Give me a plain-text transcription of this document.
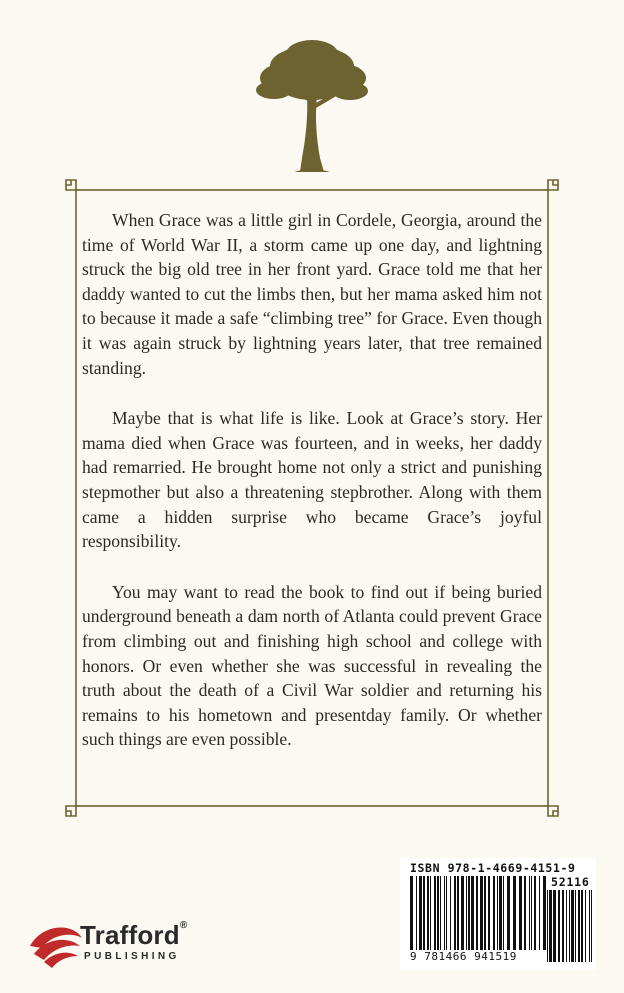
When Grace was a little girl in Cordele, Georgia, around the time of World War II, a storm came up one day, and lightning struck the big old tree in her front yard. Grace told me that her daddy wanted to cut the limbs then, but her mama asked him not to because it made a safe “climbing tree” for Grace. Even though it was again struck by lightning years later, that tree remained standing.

Maybe that is what life is like. Look at Grace’s story. Her mama died when Grace was fourteen, and in weeks, her daddy had remarried. He brought home not only a strict and punishing stepmother but also a threatening stepbrother. Along with them came a hidden surprise who became Grace’s joyful responsibility.

You may want to read the book to find out if being buried underground beneath a dam north of Atlanta could prevent Grace from climbing out and finishing high school and college with honors. Or even whether she was successful in revealing the truth about the death of a Civil War soldier and returning his remains to his hometown and presentday family. Or whether such things are even possible.

ISBN 978-1-4669-4151-9
52116
9 781466 941519
Trafford®
PUBLISHING
